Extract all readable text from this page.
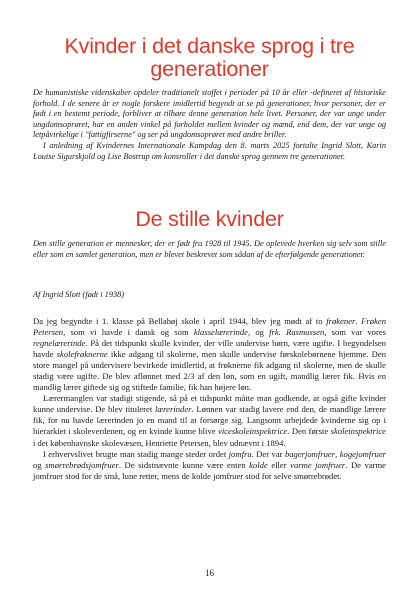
Kvinder i det danske sprog i tre generationer

De humanistiske videnskaber opdeler traditionelt stoffet i perioder på 10 år eller -defineret af historiske forhold. I de senere år er nogle forskere imidlertid begyndt at se på generationer, hvor personer, der er født i en bestemt periode, forbliver at tilhøre denne generation hele livet. Personer, der var unge under ungdomsoprøret, har en anden vinkel på forholdet mellem kvinder og mænd, end dem, der var unge og letpåvirkelige i "fattigfirserne" og ser på ungdomsoprøret med andre briller.

I anledning af Kvindernes Internationale Kampdag den 8. marts 2025 fortalte Ingrid Slott, Karin Louise Sigurskjold og Lise Bostrup om konsroller i det danske sprog gennem tre generationer.

De stille kvinder

Den stille generation er mennesker, der er født fra 1928 til 1945. De oplevede hverken sig selv som stille eller som en samlet generation, men er blevet beskrevet som sådan af de efterfølgende generationer.

Af Ingrid Slott (født i 1938)

Da jeg begyndte i 1. klasse på Bellahøj skole i april 1944, blev jeg mødt af to frøkener. Frøken Petersen, som vi havde i dansk og som klasselærerinde, og frk. Rasmussen, som var vores regnelærerinde. På det tidspunkt skulle kvinder, der ville undervise børn, være ugifte. I begyndelsen havde skolefrøknerne ikke adgang til skolerne, men skulle undervise førskolebørnene hjemme. Den store mangel på undervisere bevirkede imidlertid, at frøknerne fik adgang til skolerne, men de skulle stadig være ugifte. De blev aflønnet med 2/3 af den løn, som en ugift, mandlig lærer fik. Hvis en mandlig lærer giftede sig og stiftede familie, fik han højere løn.

Lærermanglen var stadigt stigende, så på et tidspunkt måtte man godkende, at også gifte kvinder kunne undervise. De blev tituleret lærerinder. Lønnen var stadig lavere end den, de mandlige lærere fik, for nu havde lærerinden jo en mand til at forsørge sig. Langsomt arbejdede kvinderne sig op i hierarkiet i skoleverdenen, og en kvinde kunne blive viceskoleinspektrice. Den første skoleinspektrice i det københavnske skolevæsen, Henriette Petersen, blev udnævnt i 1894.

I erhvervslivet brugte man stadig mange steder ordet jomfru. Der var bagerjomfruer, kogejomfruer og smørrebrødsjomfruer. De sidstnævnte kunne være enten kolde eller varme jomfruer. De varme jomfruer stod for de små, lune retter, mens de kolde jomfruer stod for selve smørrebrødet.

16
